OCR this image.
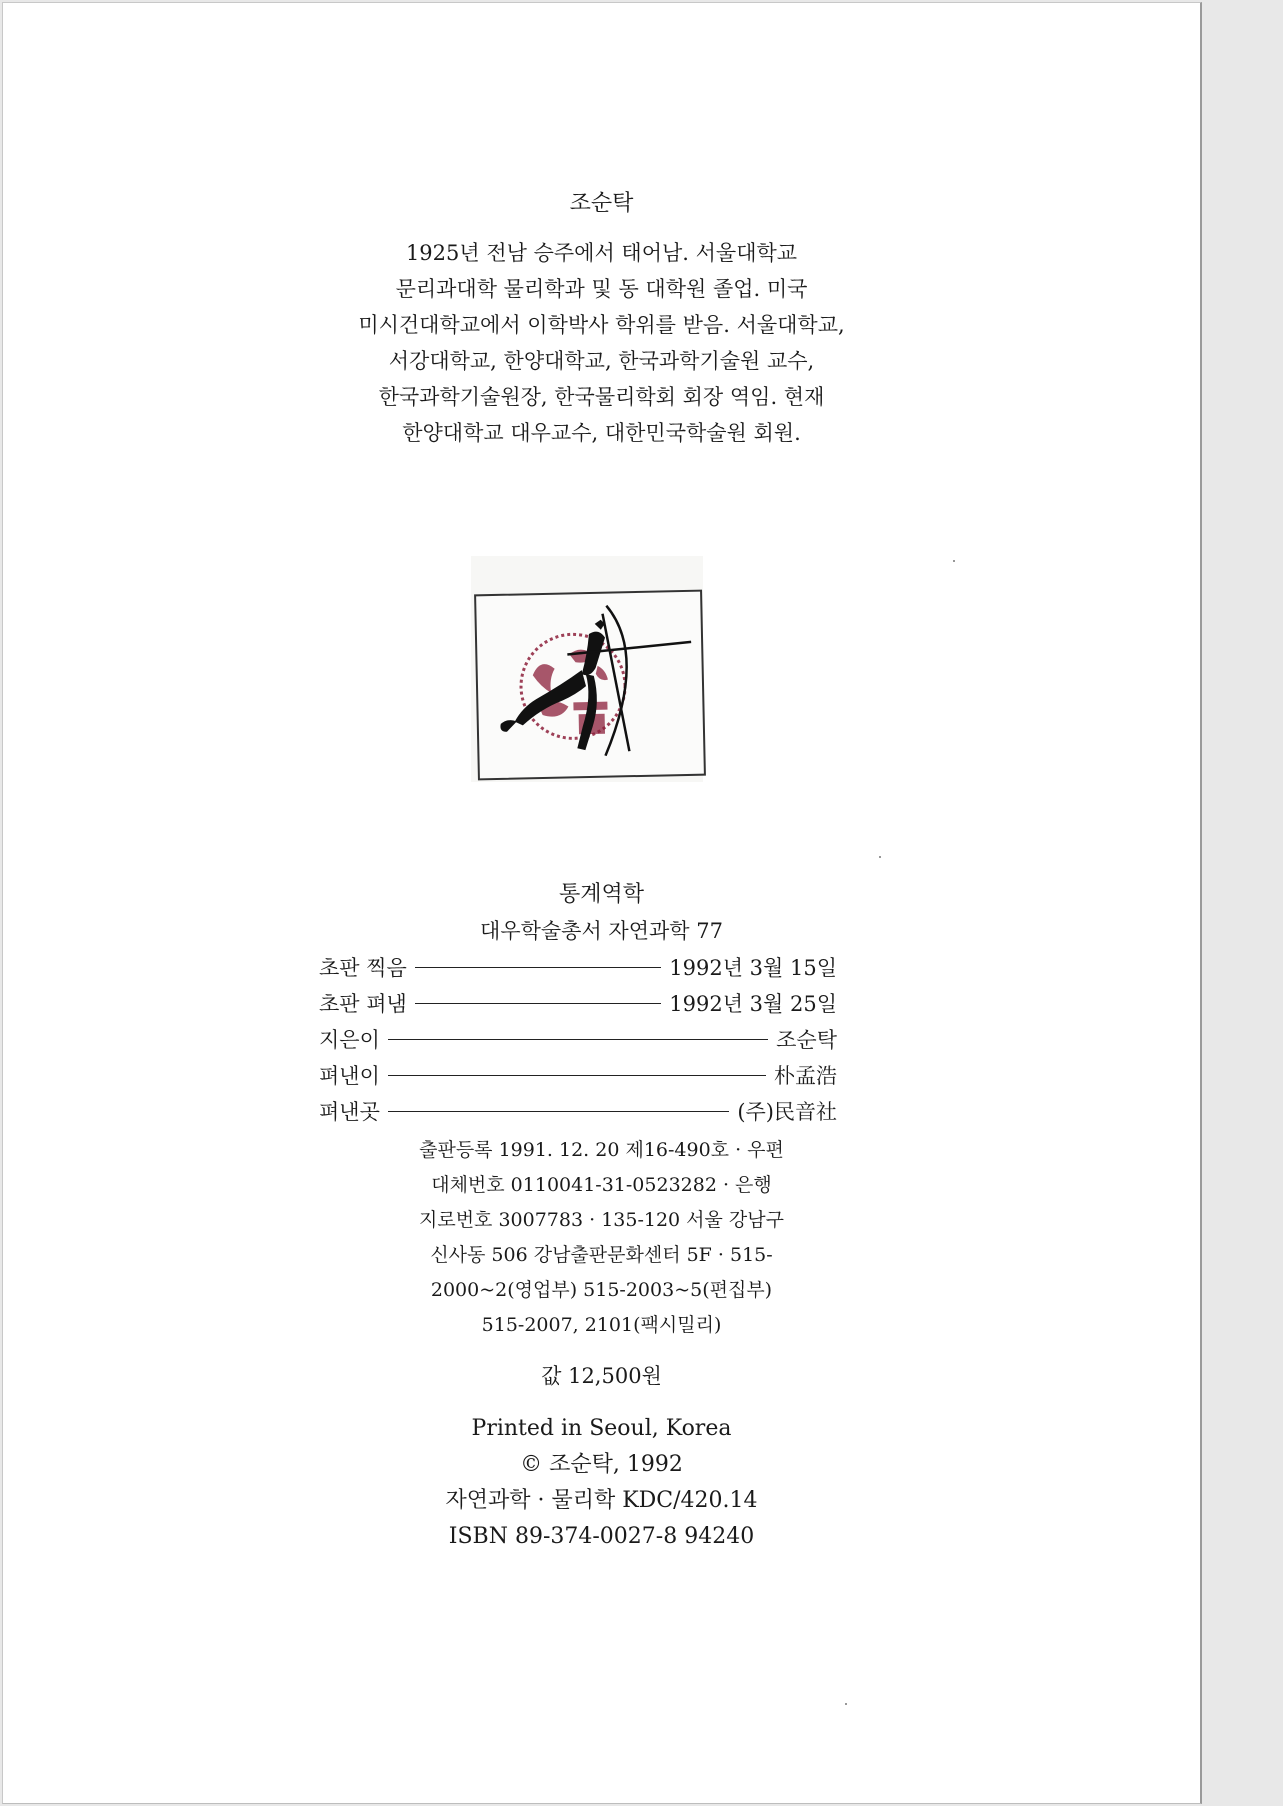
조순탁
1925년 전남 승주에서 태어남. 서울대학교
문리과대학 물리학과 및 동 대학원 졸업. 미국
미시건대학교에서 이학박사 학위를 받음. 서울대학교,
서강대학교, 한양대학교, 한국과학기술원 교수,
한국과학기술원장, 한국물리학회 회장 역임. 현재
한양대학교 대우교수, 대한민국학술원 회원.
통계역학
대우학술총서 자연과학 77
초판 찍음	1992년 3월 15일
초판 펴냄	1992년 3월 25일
지은이	조순탁
펴낸이	朴孟浩
펴낸곳	(주)民音社
출판등록 1991. 12. 20 제16-490호 · 우편
대체번호 0110041-31-0523282 · 은행
지로번호 3007783 · 135-120 서울 강남구
신사동 506 강남출판문화센터 5F · 515-
2000~2(영업부) 515-2003~5(편집부)
515-2007, 2101(팩시밀리)
값 12,500원
Printed in Seoul, Korea
© 조순탁, 1992
자연과학 · 물리학 KDC/420.14
ISBN 89-374-0027-8 94240
